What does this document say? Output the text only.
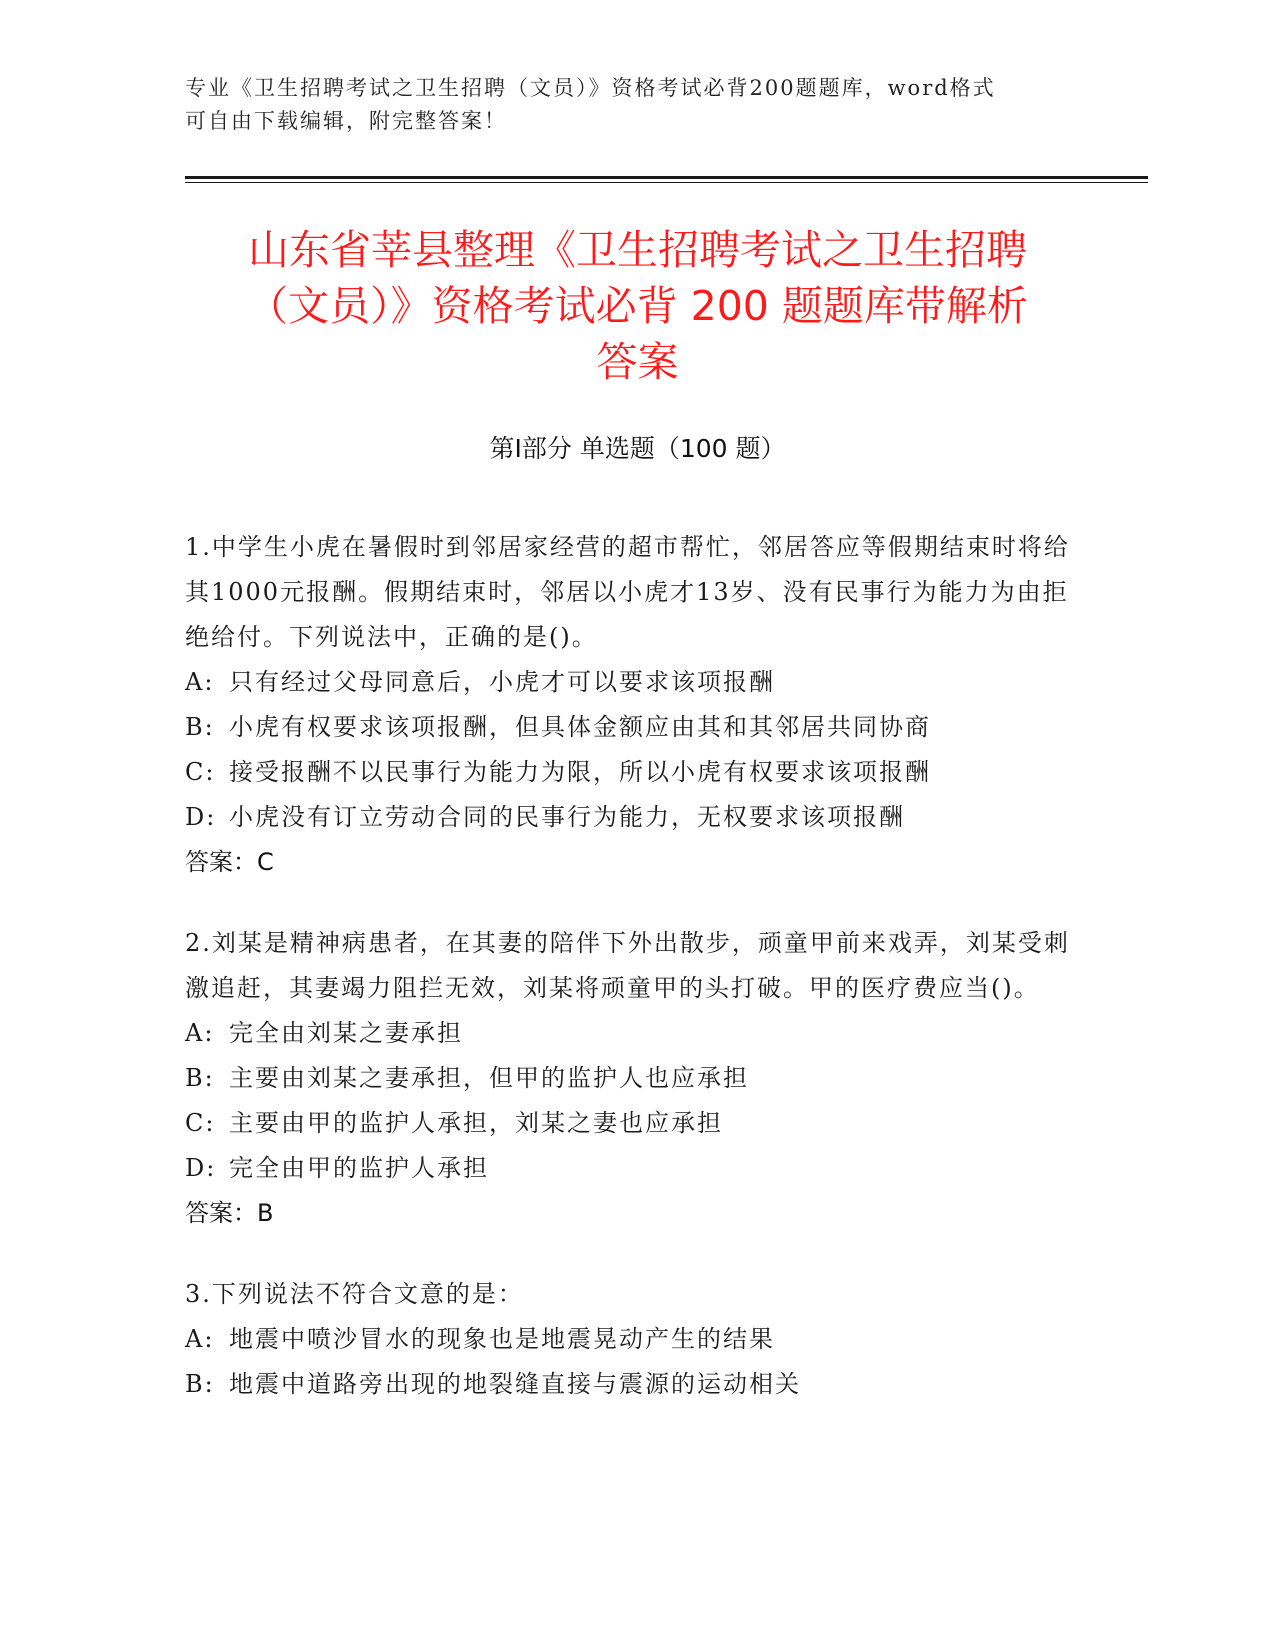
专业《卫生招聘考试之卫生招聘（文员）》资格考试必背200题题库，word格式
可自由下载编辑，附完整答案！
山东省莘县整理《卫生招聘考试之卫生招聘
（文员）》资格考试必背 200 题题库带解析
答案
第Ⅰ部分 单选题（100 题）
1.中学生小虎在暑假时到邻居家经营的超市帮忙，邻居答应等假期结束时将给其1000元报酬。假期结束时，邻居以小虎才13岁、没有民事行为能力为由拒绝给付。下列说法中，正确的是()。
A: 只有经过父母同意后，小虎才可以要求该项报酬
B: 小虎有权要求该项报酬，但具体金额应由其和其邻居共同协商
C: 接受报酬不以民事行为能力为限，所以小虎有权要求该项报酬
D: 小虎没有订立劳动合同的民事行为能力，无权要求该项报酬
答案：C
2.刘某是精神病患者，在其妻的陪伴下外出散步，顽童甲前来戏弄，刘某受刺激追赶，其妻竭力阻拦无效，刘某将顽童甲的头打破。甲的医疗费应当()。
A: 完全由刘某之妻承担
B: 主要由刘某之妻承担，但甲的监护人也应承担
C: 主要由甲的监护人承担，刘某之妻也应承担
D: 完全由甲的监护人承担
答案：B
3.下列说法不符合文意的是：
A: 地震中喷沙冒水的现象也是地震晃动产生的结果
B: 地震中道路旁出现的地裂缝直接与震源的运动相关
